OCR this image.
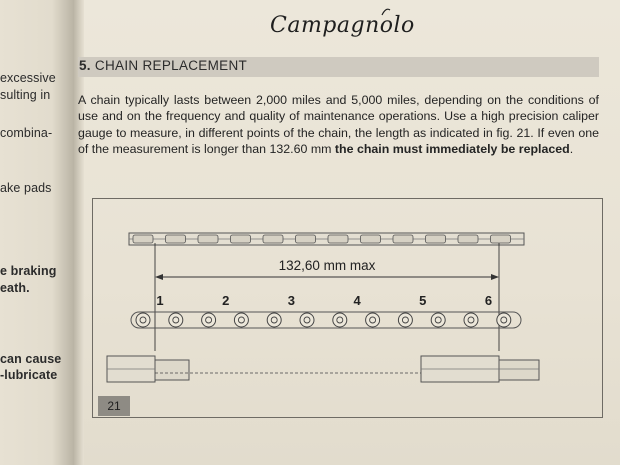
excessive
sulting in
combina-
ake pads
e braking
eath.
can cause
-lubricate
Campagnolo
5. CHAIN REPLACEMENT
A chain typically lasts between 2,000 miles and 5,000 miles, depending on the conditions of use and on the frequency and quality of maintenance operations. Use a high precision caliper gauge to measure, in different points of the chain, the length as indicated in fig. 21. If even one of the measurement is longer than 132.60 mm the chain must immediately be replaced.
132,60 mm max
1	2	3	4	5	6
21
